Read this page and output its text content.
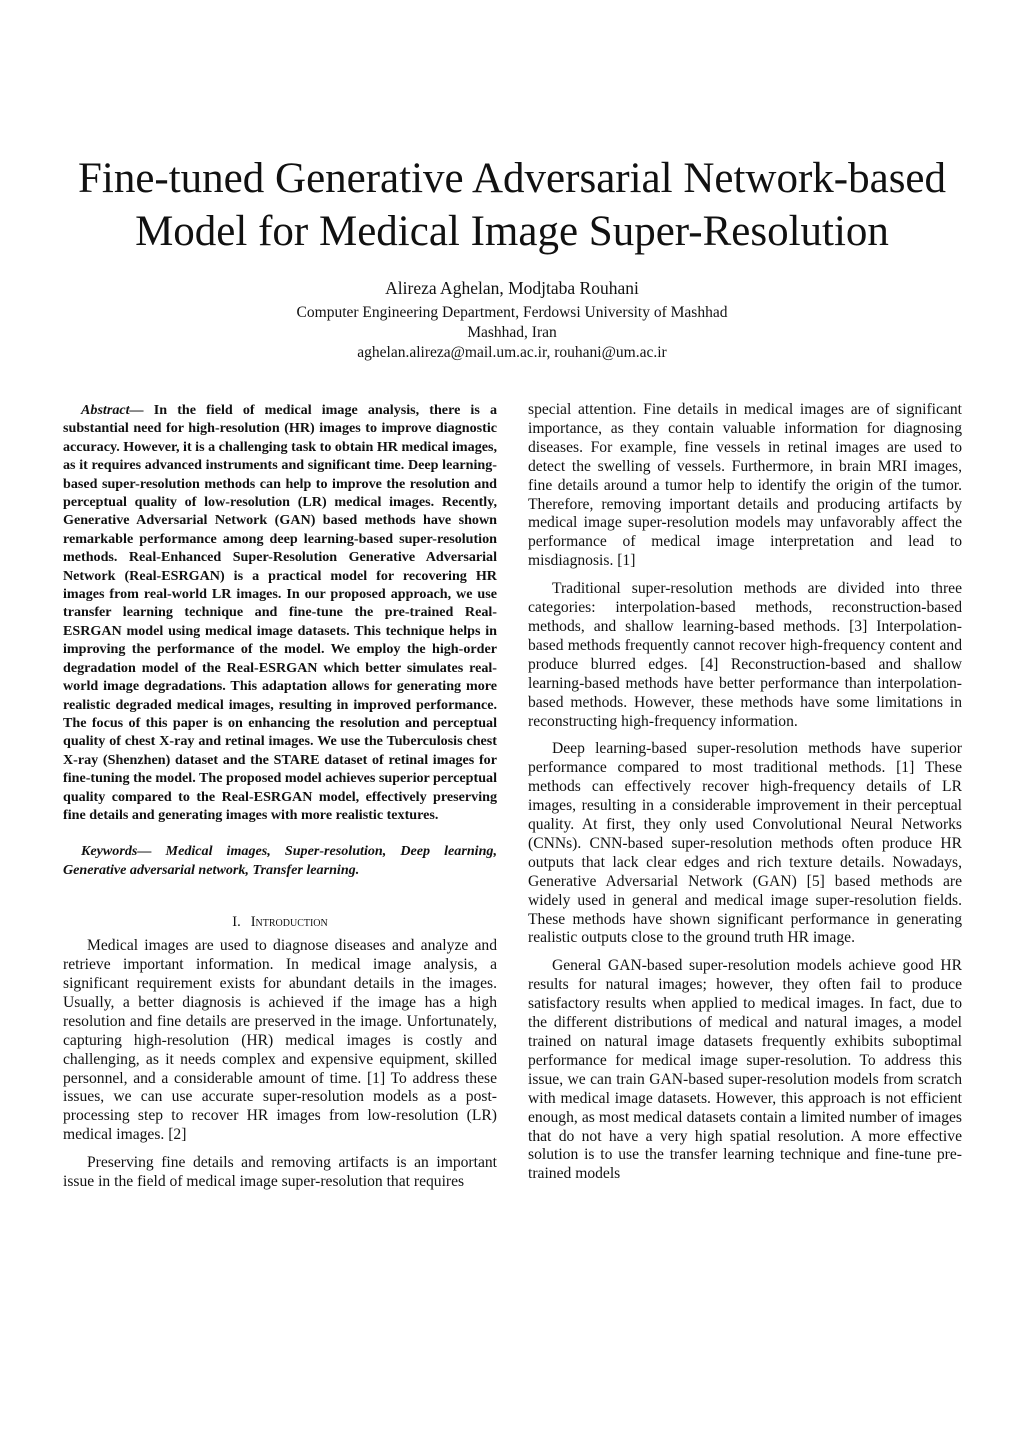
Fine-tuned Generative Adversarial Network-based
Model for Medical Image Super-Resolution
Alireza Aghelan, Modjtaba Rouhani
Computer Engineering Department, Ferdowsi University of Mashhad
Mashhad, Iran
aghelan.alireza@mail.um.ac.ir, rouhani@um.ac.ir

Abstract— In the field of medical image analysis, there is a substantial need for high-resolution (HR) images to improve diagnostic accuracy. However, it is a challenging task to obtain HR medical images, as it requires advanced instruments and significant time. Deep learning-based super-resolution methods can help to improve the resolution and perceptual quality of low-resolution (LR) medical images. Recently, Generative Adversarial Network (GAN) based methods have shown remarkable performance among deep learning-based super-resolution methods. Real-Enhanced Super-Resolution Generative Adversarial Network (Real-ESRGAN) is a practical model for recovering HR images from real-world LR images. In our proposed approach, we use transfer learning technique and fine-tune the pre-trained Real-ESRGAN model using medical image datasets. This technique helps in improving the performance of the model. We employ the high-order degradation model of the Real-ESRGAN which better simulates real-world image degradations. This adaptation allows for generating more realistic degraded medical images, resulting in improved performance. The focus of this paper is on enhancing the resolution and perceptual quality of chest X-ray and retinal images. We use the Tuberculosis chest X-ray (Shenzhen) dataset and the STARE dataset of retinal images for fine-tuning the model. The proposed model achieves superior perceptual quality compared to the Real-ESRGAN model, effectively preserving fine details and generating images with more realistic textures.

Keywords— Medical images, Super-resolution, Deep learning, Generative adversarial network, Transfer learning.

I. Introduction

Medical images are used to diagnose diseases and analyze and retrieve important information. In medical image analysis, a significant requirement exists for abundant details in the images. Usually, a better diagnosis is achieved if the image has a high resolution and fine details are preserved in the image. Unfortunately, capturing high-resolution (HR) medical images is costly and challenging, as it needs complex and expensive equipment, skilled personnel, and a considerable amount of time. [1] To address these issues, we can use accurate super-resolution models as a post-processing step to recover HR images from low-resolution (LR) medical images. [2]

Preserving fine details and removing artifacts is an important issue in the field of medical image super-resolution that requires

special attention. Fine details in medical images are of significant importance, as they contain valuable information for diagnosing diseases. For example, fine vessels in retinal images are used to detect the swelling of vessels. Furthermore, in brain MRI images, fine details around a tumor help to identify the origin of the tumor. Therefore, removing important details and producing artifacts by medical image super-resolution models may unfavorably affect the performance of medical image interpretation and lead to misdiagnosis. [1]

Traditional super-resolution methods are divided into three categories: interpolation-based methods, reconstruction-based methods, and shallow learning-based methods. [3] Interpolation-based methods frequently cannot recover high-frequency content and produce blurred edges. [4] Reconstruction-based and shallow learning-based methods have better performance than interpolation-based methods. However, these methods have some limitations in reconstructing high-frequency information.

Deep learning-based super-resolution methods have superior performance compared to most traditional methods. [1] These methods can effectively recover high-frequency details of LR images, resulting in a considerable improvement in their perceptual quality. At first, they only used Convolutional Neural Networks (CNNs). CNN-based super-resolution methods often produce HR outputs that lack clear edges and rich texture details. Nowadays, Generative Adversarial Network (GAN) [5] based methods are widely used in general and medical image super-resolution fields. These methods have shown significant performance in generating realistic outputs close to the ground truth HR image.

General GAN-based super-resolution models achieve good HR results for natural images; however, they often fail to produce satisfactory results when applied to medical images. In fact, due to the different distributions of medical and natural images, a model trained on natural image datasets frequently exhibits suboptimal performance for medical image super-resolution. To address this issue, we can train GAN-based super-resolution models from scratch with medical image datasets. However, this approach is not efficient enough, as most medical datasets contain a limited number of images that do not have a very high spatial resolution. A more effective solution is to use the transfer learning technique and fine-tune pre-trained models
